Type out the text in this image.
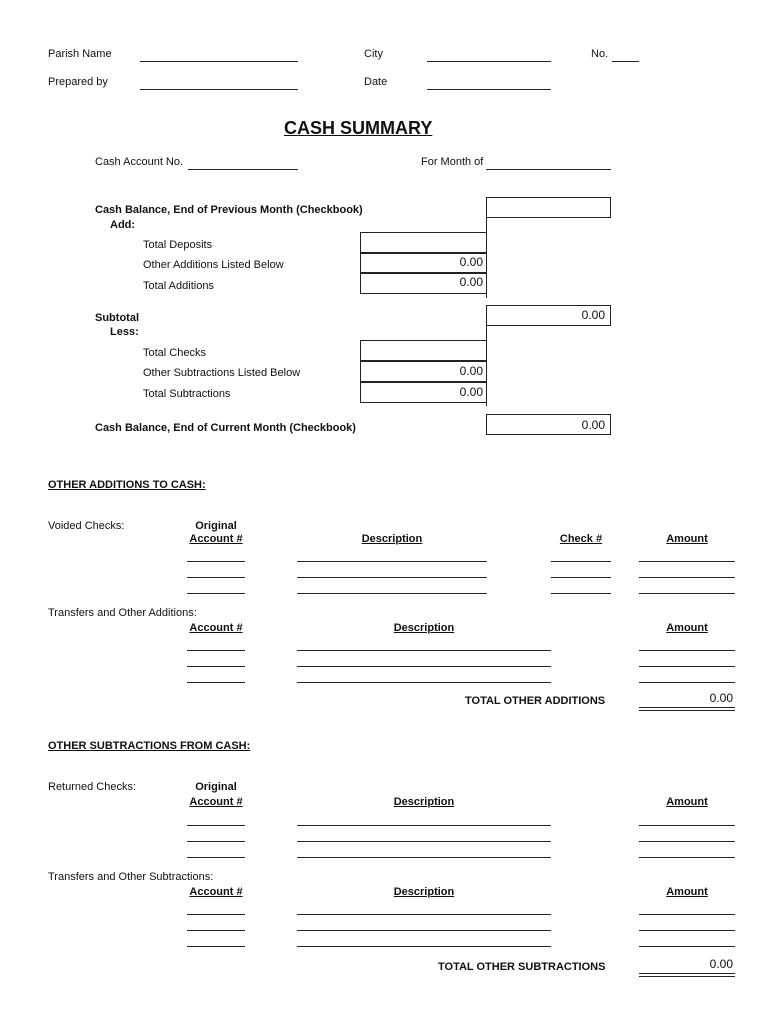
Parish Name	City	No.
Prepared by	Date
CASH SUMMARY
Cash Account No.	For Month of
Cash Balance, End of Previous Month (Checkbook)
Add:
Total Deposits
Other Additions Listed Below	0.00
Total Additions	0.00
Subtotal	0.00
Less:
Total Checks
Other Subtractions Listed Below	0.00
Total Subtractions	0.00
Cash Balance, End of Current Month (Checkbook)	0.00
OTHER ADDITIONS TO CASH:
Voided Checks:	Original
Account #	Description	Check #	Amount
Transfers and Other Additions:
Account #	Description	Amount
TOTAL OTHER ADDITIONS	0.00
OTHER SUBTRACTIONS FROM CASH:
Returned Checks:	Original
Account #	Description	Amount
Transfers and Other Subtractions:
Account #	Description	Amount
TOTAL OTHER SUBTRACTIONS	0.00
